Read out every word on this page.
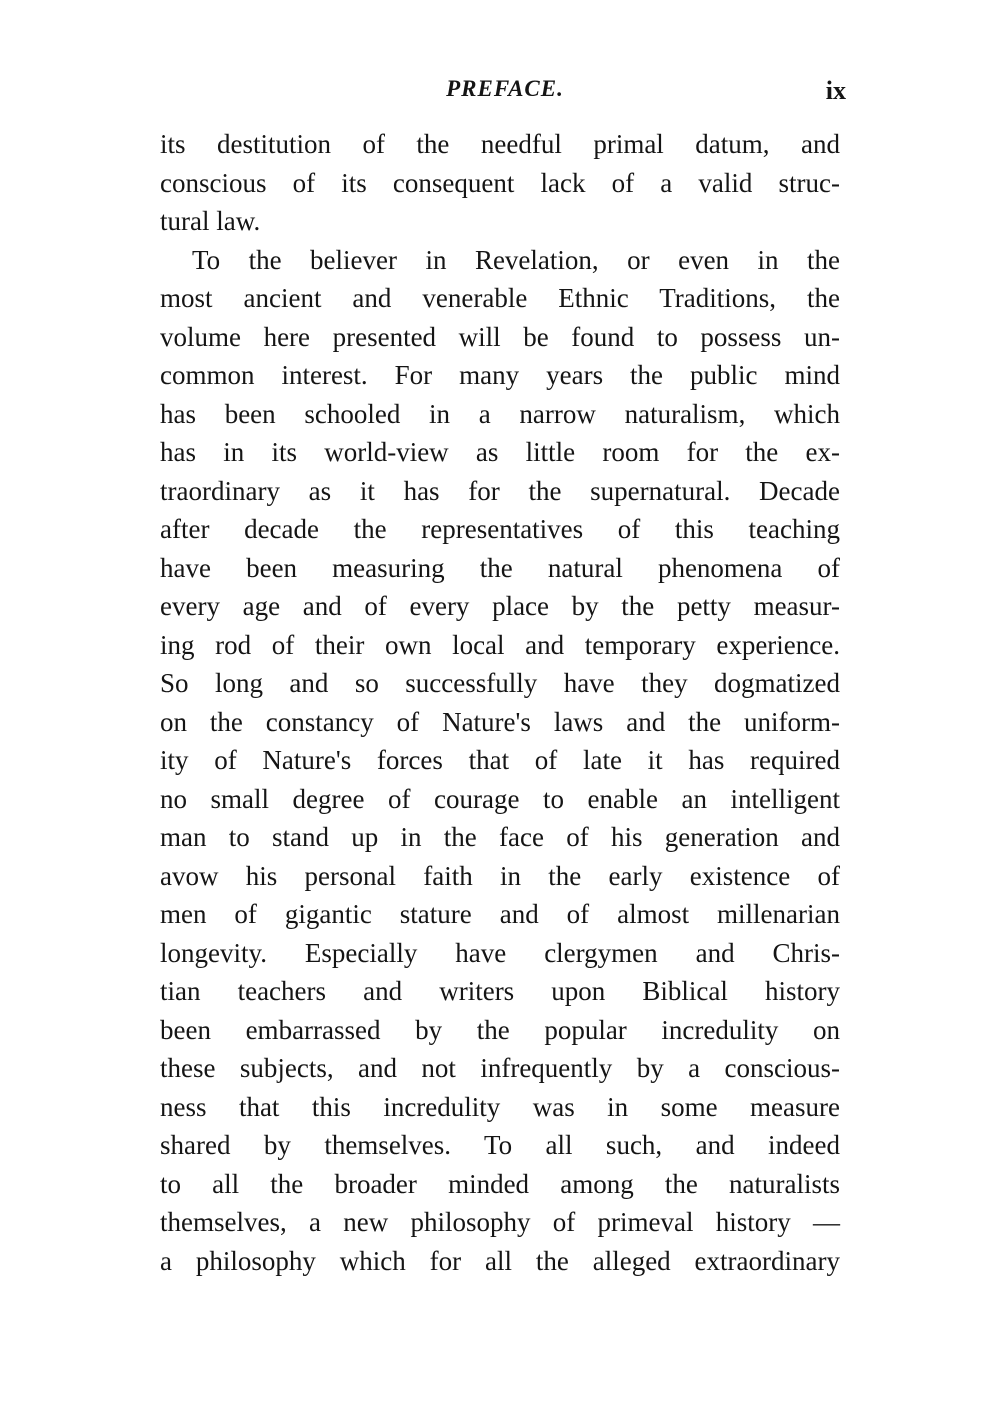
PREFACE.	ix
its destitution of the needful primal datum, and
conscious of its consequent lack of a valid struc-
tural law.
To the believer in Revelation, or even in the
most ancient and venerable Ethnic Traditions, the
volume here presented will be found to possess un-
common interest. For many years the public mind
has been schooled in a narrow naturalism, which
has in its world-view as little room for the ex-
traordinary as it has for the supernatural. Decade
after decade the representatives of this teaching
have been measuring the natural phenomena of
every age and of every place by the petty measur-
ing rod of their own local and temporary experience.
So long and so successfully have they dogmatized
on the constancy of Nature's laws and the uniform-
ity of Nature's forces that of late it has required
no small degree of courage to enable an intelligent
man to stand up in the face of his generation and
avow his personal faith in the early existence of
men of gigantic stature and of almost millenarian
longevity. Especially have clergymen and Chris-
tian teachers and writers upon Biblical history
been embarrassed by the popular incredulity on
these subjects, and not infrequently by a conscious-
ness that this incredulity was in some measure
shared by themselves. To all such, and indeed
to all the broader minded among the naturalists
themselves, a new philosophy of primeval history —
a philosophy which for all the alleged extraordinary
